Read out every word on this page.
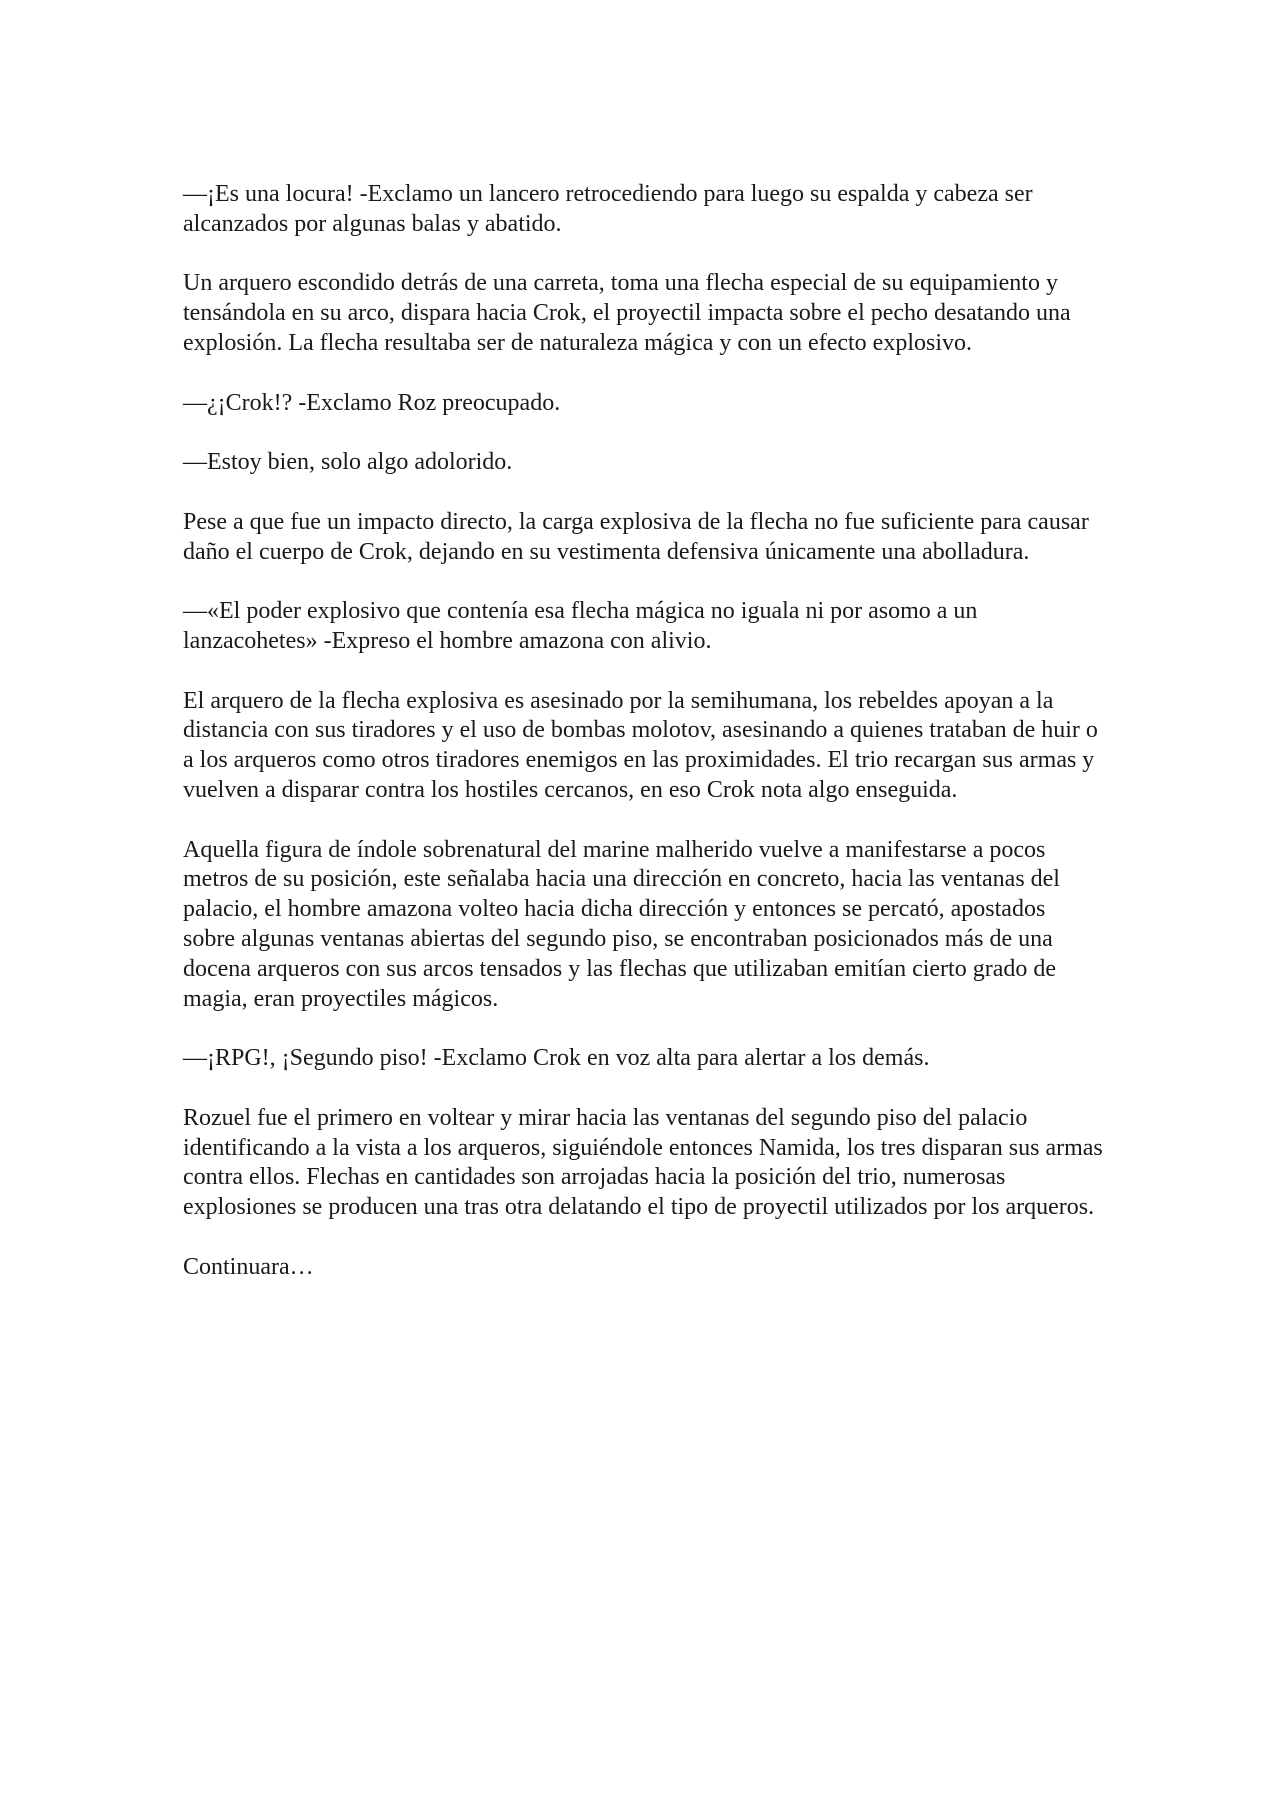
—¡Es una locura! -Exclamo un lancero retrocediendo para luego su espalda y cabeza ser alcanzados por algunas balas y abatido.

Un arquero escondido detrás de una carreta, toma una flecha especial de su equipamiento y tensándola en su arco, dispara hacia Crok, el proyectil impacta sobre el pecho desatando una explosión. La flecha resultaba ser de naturaleza mágica y con un efecto explosivo.

—¿¡Crok!? -Exclamo Roz preocupado.

—Estoy bien, solo algo adolorido.

Pese a que fue un impacto directo, la carga explosiva de la flecha no fue suficiente para causar daño el cuerpo de Crok, dejando en su vestimenta defensiva únicamente una abolladura.

—«El poder explosivo que contenía esa flecha mágica no iguala ni por asomo a un lanzacohetes» -Expreso el hombre amazona con alivio.

El arquero de la flecha explosiva es asesinado por la semihumana, los rebeldes apoyan a la distancia con sus tiradores y el uso de bombas molotov, asesinando a quienes trataban de huir o a los arqueros como otros tiradores enemigos en las proximidades. El trio recargan sus armas y vuelven a disparar contra los hostiles cercanos, en eso Crok nota algo enseguida.

Aquella figura de índole sobrenatural del marine malherido vuelve a manifestarse a pocos metros de su posición, este señalaba hacia una dirección en concreto, hacia las ventanas del palacio, el hombre amazona volteo hacia dicha dirección y entonces se percató, apostados sobre algunas ventanas abiertas del segundo piso, se encontraban posicionados más de una docena arqueros con sus arcos tensados y las flechas que utilizaban emitían cierto grado de magia, eran proyectiles mágicos.

—¡RPG!, ¡Segundo piso! -Exclamo Crok en voz alta para alertar a los demás.

Rozuel fue el primero en voltear y mirar hacia las ventanas del segundo piso del palacio identificando a la vista a los arqueros, siguiéndole entonces Namida, los tres disparan sus armas contra ellos. Flechas en cantidades son arrojadas hacia la posición del trio, numerosas explosiones se producen una tras otra delatando el tipo de proyectil utilizados por los arqueros.

Continuara…
